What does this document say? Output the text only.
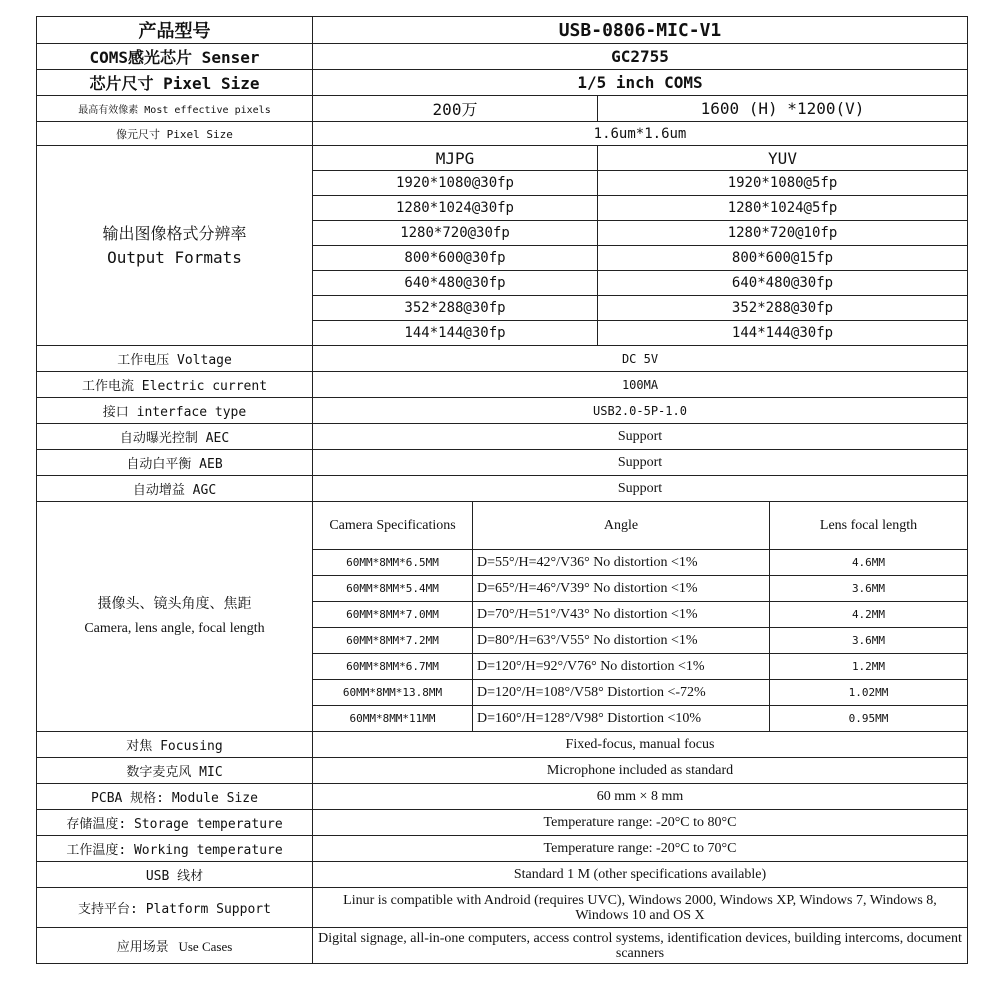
产品型号	USB-0806-MIC-V1			
COMS感光芯片 Senser	GC2755			
芯片尺寸 Pixel Size	1/5 inch COMS			
最高有效像素 Most effective pixels	200万		1600 (H) *1200(V)	
像元尺寸 Pixel Size	1.6um*1.6um			
输出图像格式分辨率
Output Formats	MJPG		YUV	
	1920*1080@30fp		1920*1080@5fp	
	1280*1024@30fp		1280*1024@5fp	
	1280*720@30fp		1280*720@10fp	
	800*600@30fp		800*600@15fp	
	640*480@30fp		640*480@30fp	
	352*288@30fp		352*288@30fp	
	144*144@30fp		144*144@30fp	
工作电压 Voltage	DC 5V			
工作电流 Electric current	100MA			
接口 interface type	USB2.0-5P-1.0			
自动曝光控制 AEC	Support			
自动白平衡 AEB	Support			
自动增益 AGC	Support			
摄像头、镜头角度、焦距
Camera, lens angle, focal length	Camera Specifications	Angle		Lens focal length
	60MM*8MM*6.5MM	D=55°/H=42°/V36° No distortion <1%		4.6MM
	60MM*8MM*5.4MM	D=65°/H=46°/V39° No distortion <1%		3.6MM
	60MM*8MM*7.0MM	D=70°/H=51°/V43° No distortion <1%		4.2MM
	60MM*8MM*7.2MM	D=80°/H=63°/V55° No distortion <1%		3.6MM
	60MM*8MM*6.7MM	D=120°/H=92°/V76° No distortion <1%		1.2MM
	60MM*8MM*13.8MM	D=120°/H=108°/V58° Distortion <-72%		1.02MM
	60MM*8MM*11MM	D=160°/H=128°/V98° Distortion <10%		0.95MM
对焦 Focusing	Fixed-focus, manual focus			
数字麦克风 MIC	Microphone included as standard			
PCBA 规格: Module Size	60 mm × 8 mm			
存储温度: Storage temperature	Temperature range: -20°C to 80°C			
工作温度: Working temperature	Temperature range: -20°C to 70°C			
USB 线材	Standard 1 M (other specifications available)			
支持平台: Platform Support	Linur is compatible with Android (requires UVC), Windows 2000, Windows XP, Windows 7, Windows 8, Windows 10 and OS X			
应用场景 Use Cases	Digital signage, all-in-one computers, access control systems, identification devices, building intercoms, document scanners			
